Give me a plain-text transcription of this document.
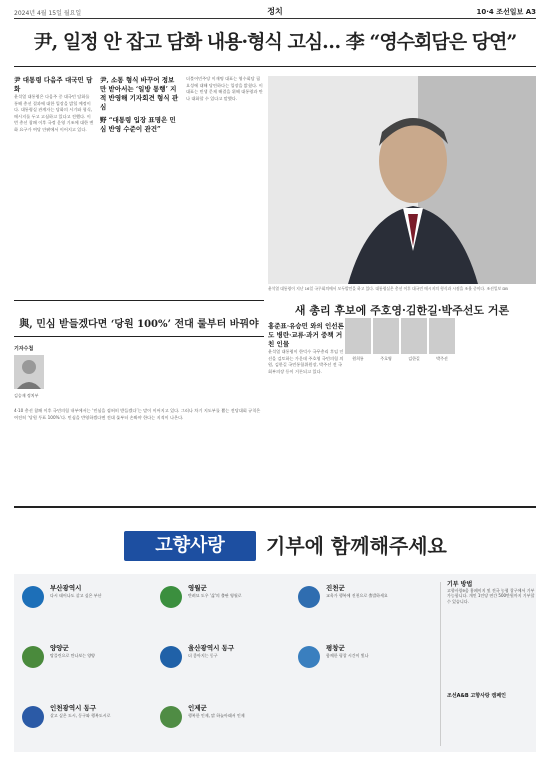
2024년 4월 15일 월요일	정치	10·4 조선일보 A3
尹, 일정 안 잡고 담화 내용·형식 고심… 李 “영수회담은 당연”
尹 대통령 다음주 대국민 담화
윤석열 대통령은 다음주 중 대국민 담화를 통해 총선 결과에 대한 입장을 밝힐 예정이다. 대통령실 관계자는 담화의 시기와 형식, 메시지를 두고 고심하고 있다고 전했다. 이번 총선 참패 이후 국정 운영 기조에 대한 변화 요구가 여당 안팎에서 이어지고 있다.
尹, 소통 형식 바꾸어 정보만 받아서는 ‘일방 통행’ 지적 반영해 기자회견 형식 관심
野 “대통령 입장 표명은 민심 반영 수준이 관건”
더불어민주당 이재명 대표는 영수회담 필요성에 대해 당연하다는 입장을 밝혔다. 이 대표는 민생 문제 해결을 위해 대통령과 만나 대화할 수 있다고 말했다.
윤석열 대통령이 지난 16일 국무회의에서 모두발언을 하고 있다. 대통령실은 총선 이후 대국민 메시지의 형식과 시점을 조율 중이다. 조선일보 DB
與, 민심 받들겠다면 ‘당원 100%’ 전대 룰부터 바꿔야
기자수첩
김승재 정치부
4·10 총선 참패 이후 국민의힘 내부에서는 ‘민심을 겸허히 받들겠다’는 말이 이어지고 있다. 그러나 차기 지도부를 뽑는 전당대회 규칙은 여전히 ‘당원 투표 100%’다. 민심을 반영하겠다면 전대 룰부터 손봐야 한다는 지적이 나온다.
새 총리 후보에 주호영·김한길·박주선도 거론
홍준표·유승민 와의 인선론도 병란·교류·과거 중책 거친 인물
윤석열 대통령이 한덕수 국무총리 후임 인선을 검토하는 가운데 주호영 국민의힘 의원, 김한길 국민통합위원장, 박주선 전 국회부의장 등이 거론되고 있다.
원희룡	주호영	김한길	박주선
고향사랑	기부에 함께해주세요
부산광역시
다시 태어나도 살고 싶은 부산
영월군
반려묘 도우 '삶'의 출판 영월로
진천군
교육가 행복에 진천으로 출발하세요
양양군
탕플린으로 만나보는 양양
울산광역시 동구
더 좋아지는 동구
평창군
함께한 평창 시간이 빛나
인천광역시 동구
살고 싶은 도시, 동구와 행복도시로
인제군
행복한 인제, 맑 하늘아래서 인제
기부 방법
고향사랑e음 홈페이지 및 전국 농협 창구에서 기부 가능합니다. 개인 1인당 연간 500만원까지 기부할 수 있습니다.
조선A&B 고향사랑 캠페인
